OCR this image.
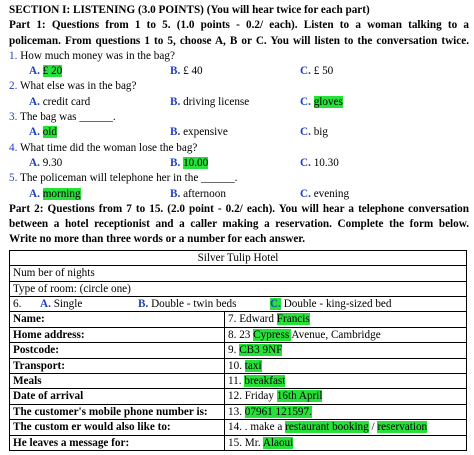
SECTION I: LISTENING (3.0 POINTS) (You will hear twice for each part)
Part 1: Questions from 1 to 5. (1.0 points - 0.2/ each). Listen to a woman talking to a
policeman. From questions 1 to 5, choose A, B or C. You will listen to the conversation twice.
1. How much money was in the bag?
A. £ 20	B. £ 40	C. £ 50
2. What else was in the bag?
A. credit card	B. driving license	C. gloves
3. The bag was ______.
A. old	B. expensive	C. big
4. What time did the woman lose the bag?
A. 9.30	B. 10.00	C. 10.30
5. The policeman will telephone her in the ______.
A. morning	B. afternoon	C. evening
Part 2: Questions from 7 to 15. (2.0 point - 0.2/ each). You will hear a telephone conversation
between a hotel receptionist and a caller making a reservation. Complete the form below.
Write no more than three words or a number for each answer.
Silver Tulip Hotel	
Num ber of nights	
Type of room: (circle one)	
6. A. Single B. Double - twin beds C. Double - king-sized bed	

Name:	7. Edward Francis
Home address:	8. 23 Cypress Avenue, Cambridge
Postcode:	9. CB3 9NF
Transport:	10. taxi
Meals	11. breakfast
Date of arrival	12. Friday 16th April
The customer's mobile phone number is:	13. 07961 121597.
The custom er would also like to:	14. . make a restaurant booking / reservation
He leaves a message for:	15. Mr. Alaoui
